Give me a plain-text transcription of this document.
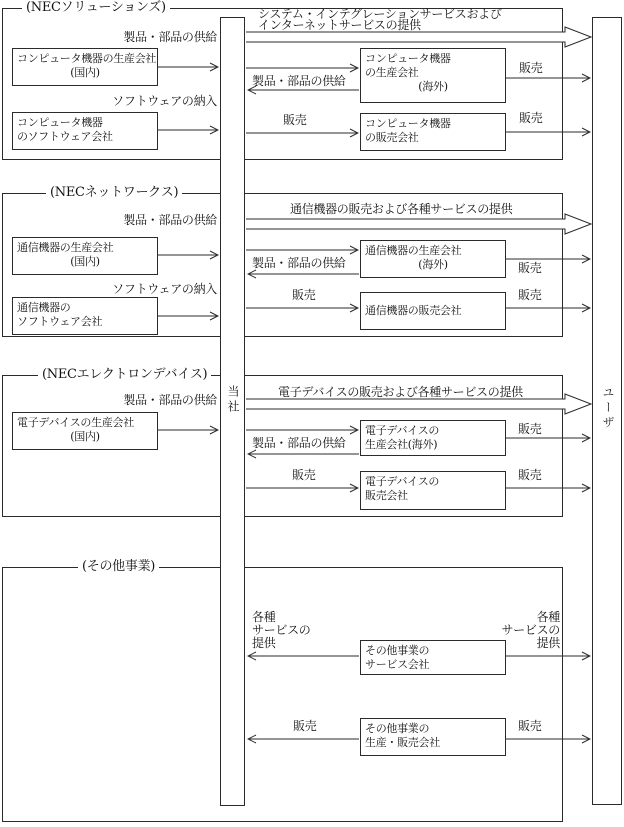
当社	ユーザ
(NECソリューションズ)
製品・部品の供給
コンピュータ機器の生産会社
(国内)
ソフトウェアの納入
コンピュータ機器
のソフトウェア会社
システム・インテグレーションサービスおよび
インターネットサービスの提供
製品・部品の供給
販売
コンピュータ機器
の生産会社
(海外)
コンピュータ機器
の販売会社
販売
販売
(NECネットワークス)
製品・部品の供給
通信機器の生産会社
(国内)
ソフトウェアの納入
通信機器の
ソフトウェア会社
通信機器の販売および各種サービスの提供
製品・部品の供給
販売
通信機器の生産会社
(海外)
通信機器の販売会社
販売
販売
(NECエレクトロンデバイス)
製品・部品の供給
電子デバイスの生産会社
(国内)
電子デバイスの販売および各種サービスの提供
製品・部品の供給
販売
電子デバイスの
生産会社(海外)
電子デバイスの
販売会社
販売
販売
(その他事業)
各種
サービスの
提供
各種
サービスの
提供
その他事業の
サービス会社
販売	販売
その他事業の
生産・販売会社
